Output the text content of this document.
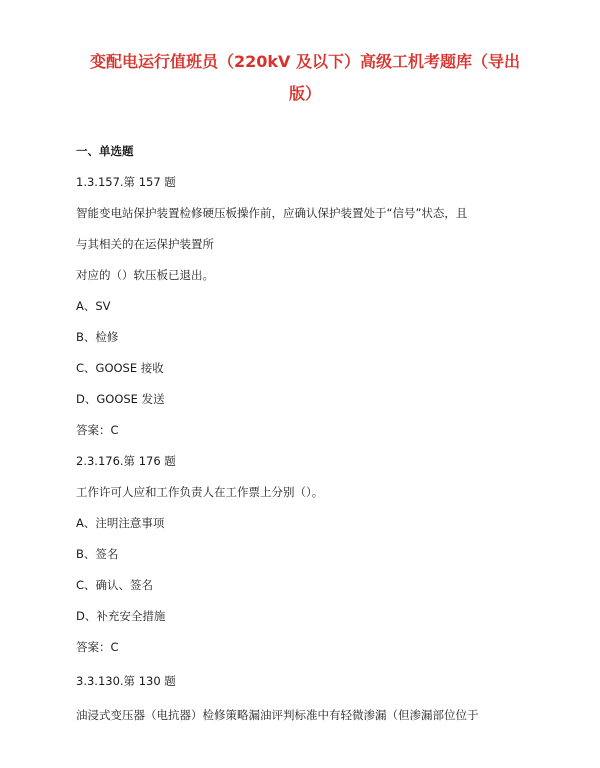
变配电运行值班员（220kV 及以下）高级工机考题库（导出
版）
一、单选题
1.3.157.第 157 题
智能变电站保护装置检修硬压板操作前，应确认保护装置处于“信号”状态，且
与其相关的在运保护装置所
对应的（）软压板已退出。
A、SV
B、检修
C、GOOSE 接收
D、GOOSE 发送
答案：C
2.3.176.第 176 题
工作许可人应和工作负责人在工作票上分别（）。
A、注明注意事项
B、签名
C、确认、签名
D、补充安全措施
答案：C
3.3.130.第 130 题
油浸式变压器（电抗器）检修策略漏油评判标准中有轻微渗漏（但渗漏部位位于
